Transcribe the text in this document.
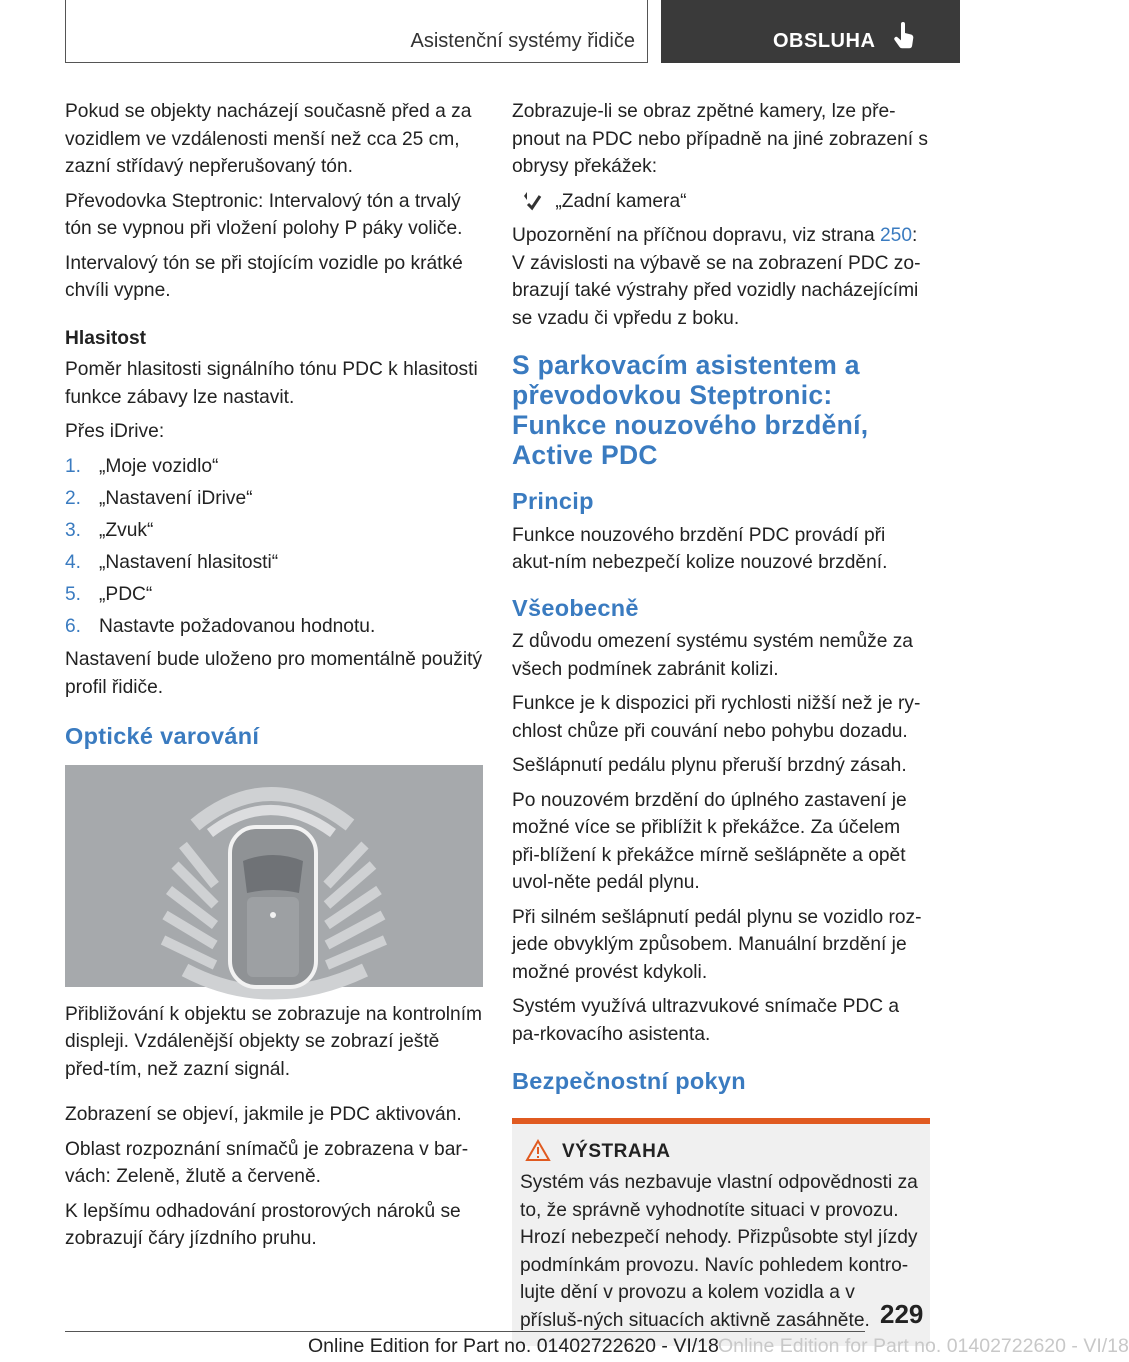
Asistenční systémy řidiče	OBSLUHA

Pokud se objekty nacházejí současně před a za vozidlem ve vzdálenosti menší než cca 25 cm, zazní střídavý nepřerušovaný tón.

Převodovka Steptronic: Intervalový tón a trvalý tón se vypnou při vložení polohy P páky voliče.

Intervalový tón se při stojícím vozidle po krátké chvíli vypne.

Hlasitost

Poměr hlasitosti signálního tónu PDC k hlasitosti funkce zábavy lze nastavit.

Přes iDrive:

1. „Moje vozidlo“
2. „Nastavení iDrive“
3. „Zvuk“
4. „Nastavení hlasitosti“
5. „PDC“
6. Nastavte požadovanou hodnotu.

Nastavení bude uloženo pro momentálně použitý profil řidiče.

Optické varování

Přibližování k objektu se zobrazuje na kontrolním displeji. Vzdálenější objekty se zobrazí ještě před-tím, než zazní signál.

Zobrazení se objeví, jakmile je PDC aktivován.

Oblast rozpoznání snímačů je zobrazena v bar-vách: Zeleně, žlutě a červeně.

K lepšímu odhadování prostorových nároků se zobrazují čáry jízdního pruhu.

Zobrazuje-li se obraz zpětné kamery, lze pře-pnout na PDC nebo případně na jiné zobrazení s obrysy překážek:

„Zadní kamera“

Upozornění na příčnou dopravu, viz strana 250: V závislosti na výbavě se na zobrazení PDC zo-brazují také výstrahy před vozidly nacházejícími se vzadu či vpředu z boku.

S parkovacím asistentem a převodovkou Steptronic: Funkce nouzového brzdění, Active PDC
Princip

Funkce nouzového brzdění PDC provádí při akut-ním nebezpečí kolize nouzové brzdění.

Všeobecně

Z důvodu omezení systému systém nemůže za všech podmínek zabránit kolizi.

Funkce je k dispozici při rychlosti nižší než je ry-chlost chůze při couvání nebo pohybu dozadu.

Sešlápnutí pedálu plynu přeruší brzdný zásah.

Po nouzovém brzdění do úplného zastavení je možné více se přiblížit k překážce. Za účelem při-blížení k překážce mírně sešlápněte a opět uvol-něte pedál plynu.

Při silném sešlápnutí pedál plynu se vozidlo roz-jede obvyklým způsobem. Manuální brzdění je možné provést kdykoli.

Systém využívá ultrazvukové snímače PDC a pa-rkovacího asistenta.

Bezpečnostní pokyn
VÝSTRAHA

Systém vás nezbavuje vlastní odpovědnosti za to, že správně vyhodnotíte situaci v provozu. Hrozí nebezpečí nehody. Přizpůsobte styl jízdy podmínkám provozu. Navíc pohledem kontro-lujte dění v provozu a kolem vozidla a v přísluš-ných situacích aktivně zasáhněte. 229
Online Edition for Part no. 01402722620 - VI/18 Online Edition for Part no. 01402722620 - VI/18
